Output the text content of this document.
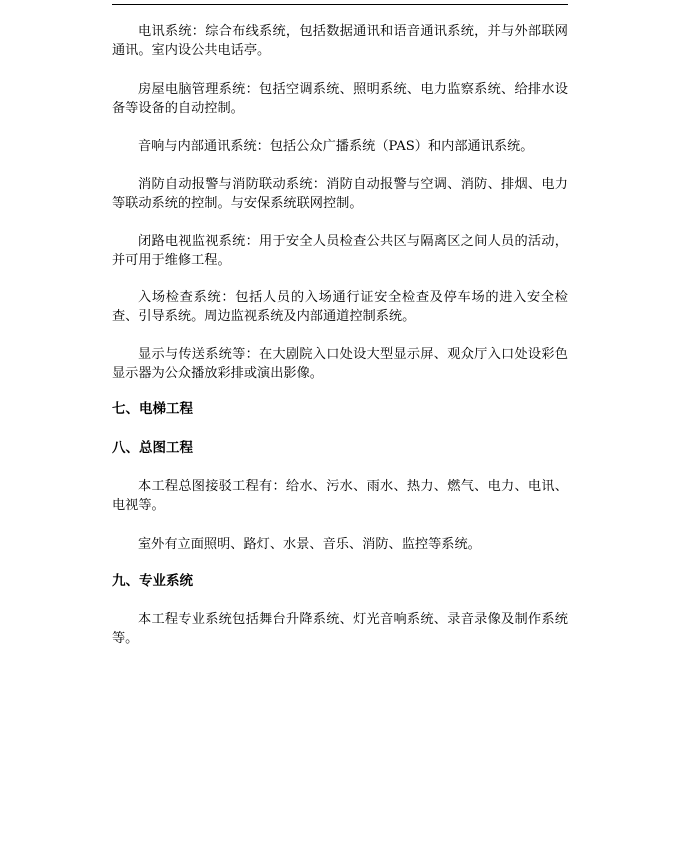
电讯系统：综合布线系统，包括数据通讯和语音通讯系统，并与外部联网通讯。室内设公共电话亭。

房屋电脑管理系统：包括空调系统、照明系统、电力监察系统、给排水设备等设备的自动控制。

音响与内部通讯系统：包括公众广播系统（PAS）和内部通讯系统。

消防自动报警与消防联动系统：消防自动报警与空调、消防、排烟、电力等联动系统的控制。与安保系统联网控制。

闭路电视监视系统：用于安全人员检查公共区与隔离区之间人员的活动，并可用于维修工程。

入场检查系统：包括人员的入场通行证安全检查及停车场的进入安全检查、引导系统。周边监视系统及内部通道控制系统。

显示与传送系统等：在大剧院入口处设大型显示屏、观众厅入口处设彩色显示器为公众播放彩排或演出影像。

七、电梯工程
八、总图工程

本工程总图接驳工程有：给水、污水、雨水、热力、燃气、电力、电讯、电视等。

室外有立面照明、路灯、水景、音乐、消防、监控等系统。

九、专业系统

本工程专业系统包括舞台升降系统、灯光音响系统、录音录像及制作系统等。
